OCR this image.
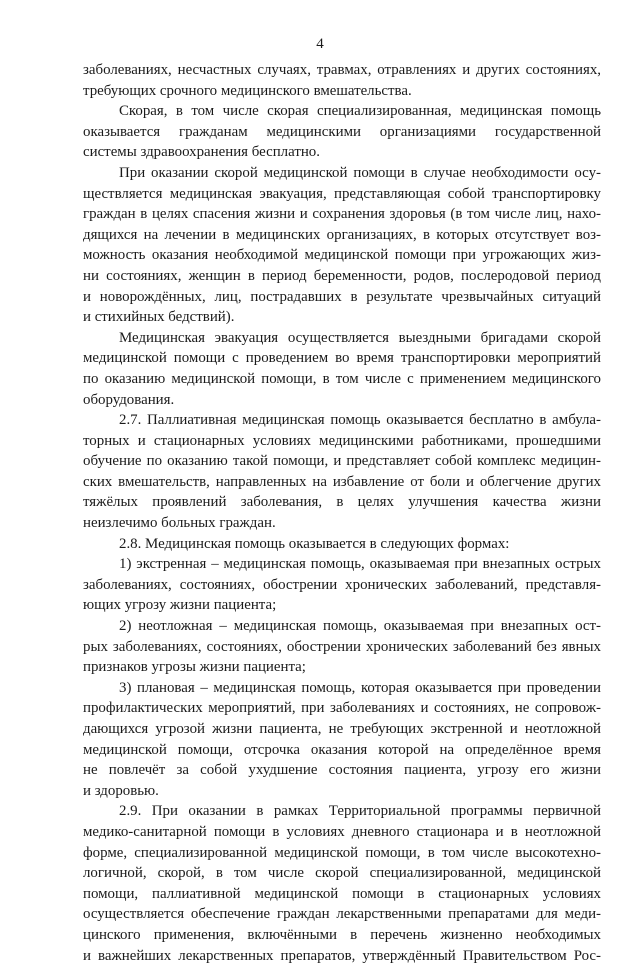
4
заболеваниях, несчастных случаях, травмах, отравлениях и других состояниях,
требующих срочного медицинского вмешательства.
Скорая, в том числе скорая специализированная, медицинская помощь
оказывается гражданам медицинскими организациями государственной
системы здравоохранения бесплатно.
При оказании скорой медицинской помощи в случае необходимости осу-
ществляется медицинская эвакуация, представляющая собой транспортировку
граждан в целях спасения жизни и сохранения здоровья (в том числе лиц, нахо-
дящихся на лечении в медицинских организациях, в которых отсутствует воз-
можность оказания необходимой медицинской помощи при угрожающих жиз-
ни состояниях, женщин в период беременности, родов, послеродовой период
и новорождённых, лиц, пострадавших в результате чрезвычайных ситуаций
и стихийных бедствий).
Медицинская эвакуация осуществляется выездными бригадами скорой
медицинской помощи с проведением во время транспортировки мероприятий
по оказанию медицинской помощи, в том числе с применением медицинского
оборудования.
2.7. Паллиативная медицинская помощь оказывается бесплатно в амбула-
торных и стационарных условиях медицинскими работниками, прошедшими
обучение по оказанию такой помощи, и представляет собой комплекс медицин-
ских вмешательств, направленных на избавление от боли и облегчение других
тяжёлых проявлений заболевания, в целях улучшения качества жизни
неизлечимо больных граждан.
2.8. Медицинская помощь оказывается в следующих формах:
1) экстренная – медицинская помощь, оказываемая при внезапных острых
заболеваниях, состояниях, обострении хронических заболеваний, представля-
ющих угрозу жизни пациента;
2) неотложная – медицинская помощь, оказываемая при внезапных ост-
рых заболеваниях, состояниях, обострении хронических заболеваний без явных
признаков угрозы жизни пациента;
3) плановая – медицинская помощь, которая оказывается при проведении
профилактических мероприятий, при заболеваниях и состояниях, не сопровож-
дающихся угрозой жизни пациента, не требующих экстренной и неотложной
медицинской помощи, отсрочка оказания которой на определённое время
не повлечёт за собой ухудшение состояния пациента, угрозу его жизни
и здоровью.
2.9. При оказании в рамках Территориальной программы первичной
медико-санитарной помощи в условиях дневного стационара и в неотложной
форме, специализированной медицинской помощи, в том числе высокотехно-
логичной, скорой, в том числе скорой специализированной, медицинской
помощи, паллиативной медицинской помощи в стационарных условиях
осуществляется обеспечение граждан лекарственными препаратами для меди-
цинского применения, включёнными в перечень жизненно необходимых
и важнейших лекарственных препаратов, утверждённый Правительством Рос-
